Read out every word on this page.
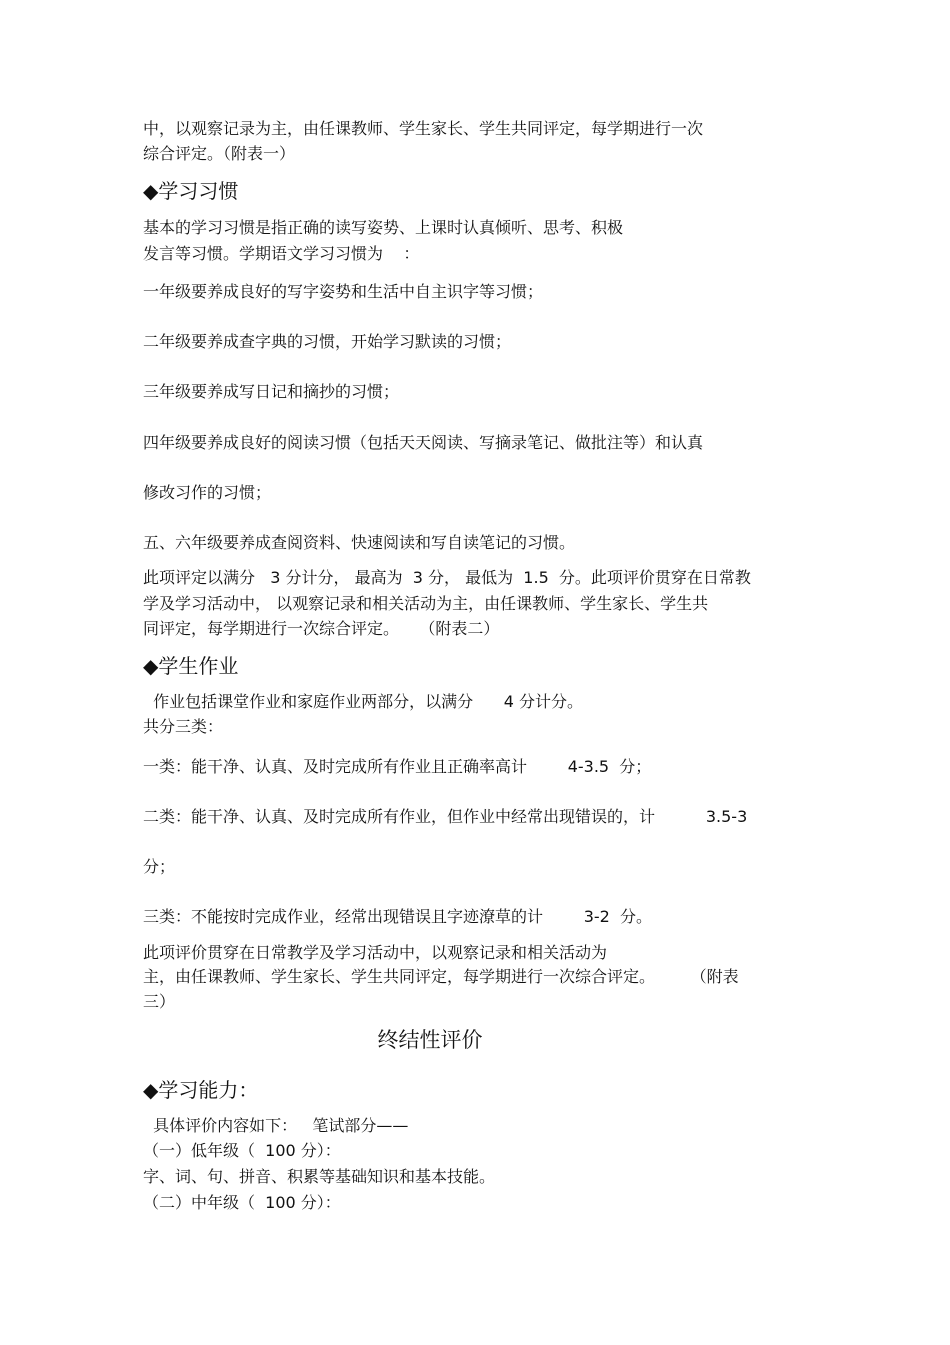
中，以观察记录为主，由任课教师、学生家长、学生共同评定，每学期进行一次
综合评定。（附表一）
◆学习习惯
基本的学习习惯是指正确的读写姿势、上课时认真倾听、思考、积极
发言等习惯。学期语文学习习惯为    ：
一年级要养成良好的写字姿势和生活中自主识字等习惯；
二年级要养成查字典的习惯，开始学习默读的习惯；
三年级要养成写日记和摘抄的习惯；
四年级要养成良好的阅读习惯（包括天天阅读、写摘录笔记、做批注等）和认真
修改习作的习惯；
五、六年级要养成查阅资料、快速阅读和写自读笔记的习惯。
此项评定以满分   3 分计分， 最高为  3 分， 最低为  1.5  分。此项评价贯穿在日常教
学及学习活动中， 以观察记录和相关活动为主，由任课教师、学生家长、学生共
同评定，每学期进行一次综合评定。    （附表二）
◆学生作业
作业包括课堂作业和家庭作业两部分，以满分      4 分计分。
共分三类：
一类：能干净、认真、及时完成所有作业且正确率高计        4-3.5  分；
二类：能干净、认真、及时完成所有作业，但作业中经常出现错误的，计          3.5-3
分；
三类：不能按时完成作业，经常出现错误且字迹潦草的计        3-2  分。
此项评价贯穿在日常教学及学习活动中，以观察记录和相关活动为
主，由任课教师、学生家长、学生共同评定，每学期进行一次综合评定。       （附表
三）
终结性评价
◆学习能力：
具体评价内容如下：   笔试部分——
（一）低年级（  100 分）：
字、词、句、拼音、积累等基础知识和基本技能。
（二）中年级（  100 分）：
